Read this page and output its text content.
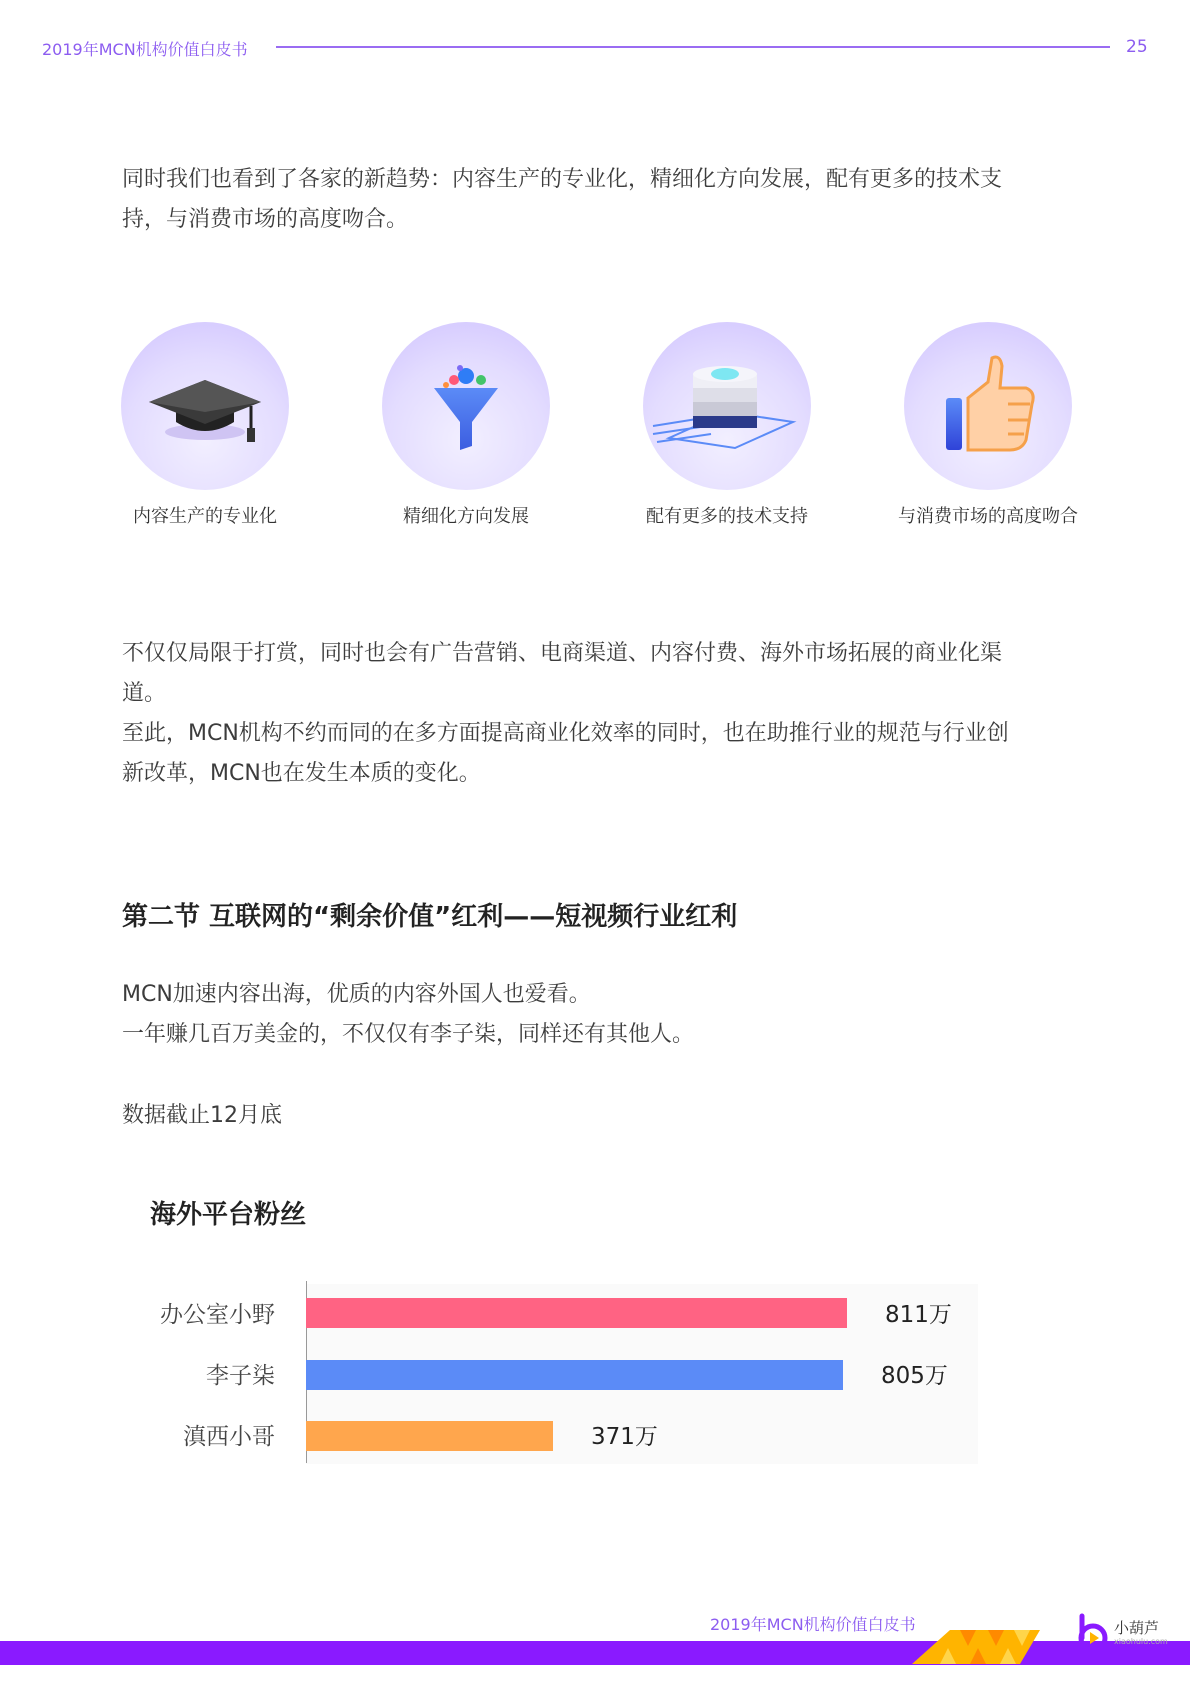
2019年MCN机构价值白皮书	25
同时我们也看到了各家的新趋势：内容生产的专业化，精细化方向发展，配有更多的技术支
持，与消费市场的高度吻合。
内容生产的专业化	精细化方向发展	配有更多的技术支持	与消费市场的高度吻合
不仅仅局限于打赏，同时也会有广告营销、电商渠道、内容付费、海外市场拓展的商业化渠
道。
至此，MCN机构不约而同的在多方面提高商业化效率的同时，也在助推行业的规范与行业创
新改革，MCN也在发生本质的变化。
第二节 互联网的“剩余价值”红利——短视频行业红利
MCN加速内容出海，优质的内容外国人也爱看。
一年赚几百万美金的，不仅仅有李子柒，同样还有其他人。
数据截止12月底
海外平台粉丝
办公室小野	811万
李子柒	805万
滇西小哥	371万
2019年MCN机构价值白皮书	小葫芦
xiaohulu.com
